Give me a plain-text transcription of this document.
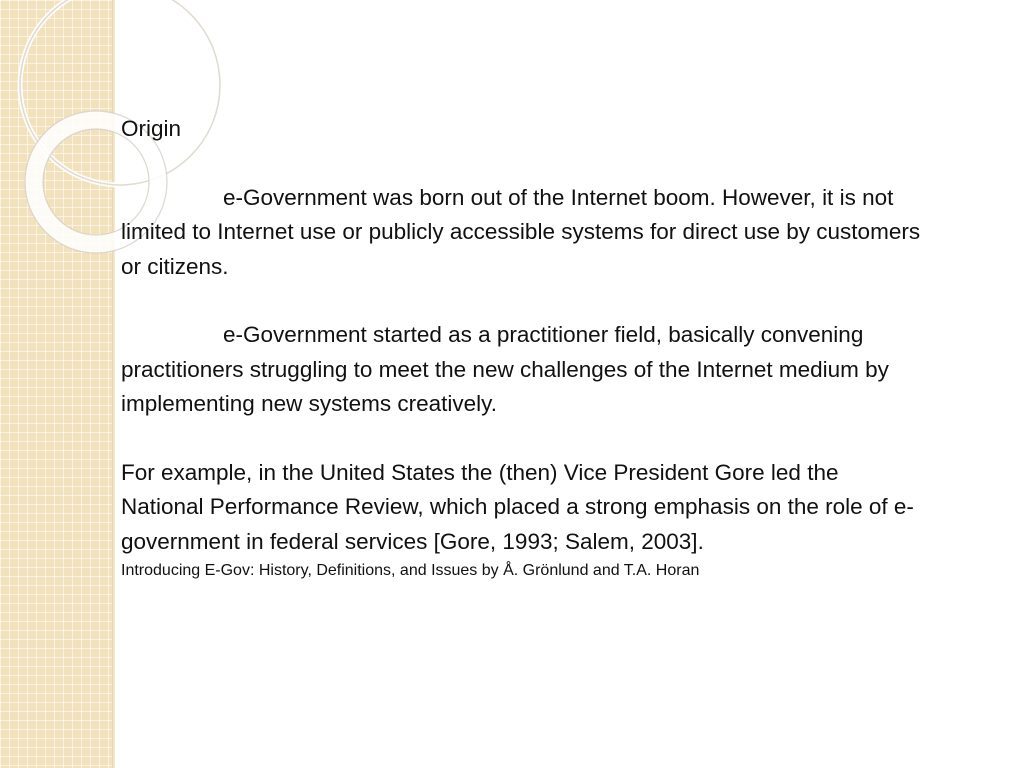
Origin

e-Government was born out of the Internet boom. However, it is not limited to Internet use or publicly accessible systems for direct use by customers or citizens.

e-Government started as a practitioner field, basically convening practitioners struggling to meet the new challenges of the Internet medium by implementing new systems creatively.

For example, in the United States the (then) Vice President Gore led the National Performance Review, which placed a strong emphasis on the role of e-government in federal services [Gore, 1993; Salem, 2003].

Introducing E-Gov: History, Definitions, and Issues by Å. Grönlund and T.A. Horan
